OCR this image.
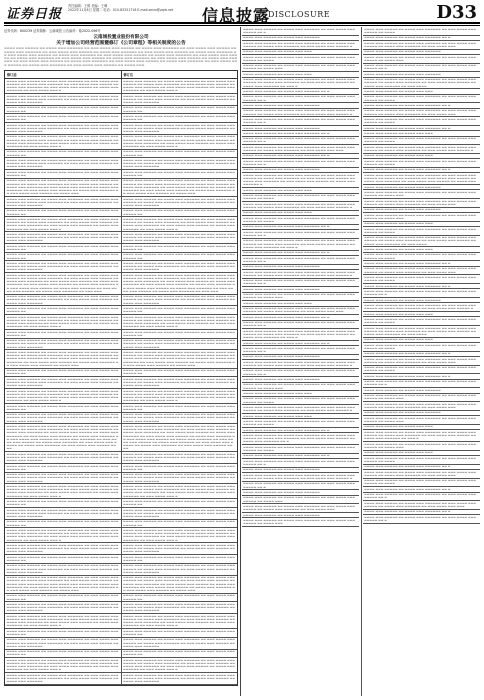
证券日报
责任编辑：王鹤 美编：王琳
2022年11月8日 星期二 电话：010-83251716 E-mail:zmzx@zqrb.net 信息披露
DISCLOSURE	D33
证券代码：600239 证券简称：云南城投 公告编号：临2022-096号
云南城投置业股份有限公司
关于增加公司经营范围暨修订《公司章程》等相关制度的公告
▬▬▬▬ ▬▬▬ ▬▬▬▬▬ ▬▬ ▬▬▬▬ ▬▬▬ ▬▬▬▬▬▬ ▬▬ ▬▬▬ ▬▬▬▬ ▬▬▬ ▬▬▬▬▬ ▬▬ ▬▬▬▬ ▬▬▬ ▬▬▬▬▬▬ ▬▬ ▬▬▬ ▬▬▬▬ ▬▬▬ ▬▬▬▬▬ ▬▬ ▬▬▬▬ ▬▬▬ ▬▬▬▬▬▬ ▬▬ ▬▬▬ ▬▬▬▬ ▬▬▬ ▬▬▬▬▬ ▬▬ ▬▬▬▬ ▬▬▬ ▬▬▬▬▬▬ ▬▬ ▬▬▬ ▬▬▬▬ ▬▬▬ ▬▬▬▬▬ ▬▬ ▬▬▬▬ ▬▬▬ ▬▬▬▬▬▬ ▬▬ ▬▬▬ ▬▬▬▬ ▬▬▬ ▬▬▬▬▬ ▬▬ ▬▬▬▬ ▬▬▬ ▬▬▬▬▬▬ ▬▬ ▬▬▬ ▬▬▬▬ ▬▬▬ ▬▬▬▬▬ ▬▬ ▬▬▬▬ ▬▬▬ ▬▬▬▬▬▬ ▬▬ ▬▬▬ ▬▬▬▬ ▬▬▬ ▬▬▬▬▬ ▬▬ ▬▬▬▬ ▬▬▬ ▬▬▬▬▬▬ ▬▬ ▬▬▬ ▬▬▬▬ ▬▬▬ ▬▬▬▬▬ ▬▬ ▬▬▬▬ ▬▬▬ ▬▬▬▬▬▬ ▬▬ ▬▬▬ ▬▬▬▬ ▬▬▬ ▬▬▬▬▬ ▬▬ ▬▬▬▬ ▬▬▬ ▬▬▬▬▬▬ ▬▬ ▬▬▬ ▬▬▬▬ ▬▬▬ ▬▬▬▬▬ ▬▬ ▬▬▬▬ ▬▬▬ ▬▬▬▬▬▬ ▬▬ ▬▬▬ ▬▬▬▬ ▬▬▬ ▬▬▬▬▬ ▬▬ ▬▬▬▬ ▬▬▬ ▬▬▬▬▬▬ ▬▬ ▬▬▬ ▬▬▬▬ ▬▬▬ ▬▬▬▬▬ ▬▬ ▬▬▬▬ ▬▬▬ ▬▬▬▬▬▬ ▬▬ ▬▬▬ ▬▬▬▬ ▬▬▬ ▬▬▬▬▬ ▬▬ ▬▬▬▬ ▬▬▬
修订前	修订后
▬▬▬▬ ▬▬▬ ▬▬▬▬▬ ▬▬ ▬▬▬▬ ▬▬▬ ▬▬▬▬▬▬ ▬▬ ▬▬▬ ▬▬▬▬ ▬▬▬ ▬▬▬▬▬ ▬▬ ▬▬▬▬ ▬▬▬ ▬▬▬▬▬▬ ▬▬ ▬▬▬ ▬▬▬▬ ▬▬▬ ▬▬▬▬▬ ▬▬ ▬▬▬▬ ▬▬▬ ▬▬▬▬▬▬ ▬▬ ▬▬▬ ▬▬▬▬ ▬▬▬ ▬▬▬▬▬ ▬▬ ▬▬▬▬ ▬▬▬ ▬▬▬▬▬▬ ▬▬ ▬▬▬ ▬▬▬▬ ▬▬▬ ▬
▬▬▬▬ ▬▬▬ ▬▬▬▬▬ ▬▬ ▬▬▬▬ ▬▬▬ ▬▬▬▬▬▬ ▬▬ ▬▬▬ ▬▬▬▬ ▬▬▬ ▬▬▬▬▬ ▬▬ ▬▬▬▬ ▬▬▬ ▬▬▬▬▬▬ ▬▬ ▬▬▬ ▬▬▬▬ ▬▬▬ ▬▬▬▬▬ ▬▬ ▬▬▬▬ ▬▬▬ ▬▬▬▬▬▬ ▬▬ ▬▬▬ ▬▬▬▬ ▬▬▬ ▬▬▬▬▬ ▬▬ ▬▬▬▬ ▬▬▬ ▬▬▬▬▬▬ ▬▬ ▬▬▬ ▬▬▬▬ ▬▬▬ ▬
▬▬▬▬ ▬▬▬ ▬▬▬▬▬ ▬▬ ▬▬▬▬ ▬▬▬ ▬▬▬▬▬▬ ▬▬ ▬▬▬ ▬▬▬▬ ▬▬▬ ▬▬▬▬▬ ▬▬ ▬▬▬▬ ▬▬▬ ▬▬▬▬▬▬ ▬▬ ▬▬▬ ▬▬▬▬ ▬▬▬ ▬▬▬▬▬ ▬▬ ▬▬▬▬ ▬▬▬ ▬▬▬▬▬▬
▬▬▬▬ ▬▬▬ ▬▬▬▬▬ ▬▬ ▬▬▬▬ ▬▬▬ ▬▬▬▬▬▬ ▬▬ ▬▬▬ ▬▬▬▬ ▬▬▬ ▬▬▬▬▬ ▬▬ ▬▬▬▬ ▬▬▬ ▬▬▬▬▬▬ ▬▬ ▬▬▬ ▬▬▬▬ ▬▬▬ ▬▬▬▬▬ ▬▬ ▬▬▬▬ ▬▬▬ ▬▬▬▬▬▬
▬▬▬▬ ▬▬▬ ▬▬▬▬▬ ▬▬ ▬▬▬▬ ▬▬▬ ▬▬▬▬▬▬ ▬▬ ▬▬▬ ▬▬▬▬ ▬▬▬ ▬▬▬▬▬ ▬▬
▬▬▬▬ ▬▬▬ ▬▬▬▬▬ ▬▬ ▬▬▬▬ ▬▬▬ ▬▬▬▬▬▬ ▬▬ ▬▬▬ ▬▬▬▬ ▬▬▬ ▬▬▬▬▬ ▬▬
▬▬▬▬ ▬▬▬ ▬▬▬▬▬ ▬▬ ▬▬▬▬ ▬▬▬ ▬▬▬▬▬▬ ▬▬ ▬▬▬ ▬▬▬▬ ▬▬▬ ▬▬▬▬▬ ▬▬
▬▬▬▬ ▬▬▬ ▬▬▬▬▬ ▬▬ ▬▬▬▬ ▬▬▬ ▬▬▬▬▬▬ ▬▬ ▬▬▬ ▬▬▬▬ ▬▬▬ ▬▬▬▬▬ ▬▬
▬▬▬▬ ▬▬▬ ▬▬▬▬▬ ▬▬ ▬▬▬▬ ▬▬▬ ▬▬▬▬▬▬ ▬▬ ▬▬▬ ▬▬▬▬ ▬▬▬ ▬▬▬▬▬ ▬▬ ▬▬▬▬ ▬▬▬ ▬▬▬▬▬▬ ▬▬ ▬▬▬ ▬▬▬▬ ▬▬▬ ▬▬▬▬▬ ▬▬ ▬▬▬▬ ▬▬▬ ▬▬▬▬▬▬
▬▬▬▬ ▬▬▬ ▬▬▬▬▬ ▬▬ ▬▬▬▬ ▬▬▬ ▬▬▬▬▬▬ ▬▬ ▬▬▬ ▬▬▬▬ ▬▬▬ ▬▬▬▬▬ ▬▬ ▬▬▬▬ ▬▬▬ ▬▬▬▬▬▬ ▬▬ ▬▬▬ ▬▬▬▬ ▬▬▬ ▬▬▬▬▬ ▬▬ ▬▬▬▬ ▬▬▬ ▬▬▬▬▬▬
▬▬▬▬ ▬▬▬ ▬▬▬▬▬ ▬▬ ▬▬▬▬ ▬▬▬ ▬▬▬▬▬▬ ▬▬ ▬▬▬ ▬▬▬▬ ▬▬▬ ▬▬▬▬▬ ▬▬ ▬▬▬▬ ▬▬▬ ▬▬▬▬▬▬ ▬▬ ▬▬▬ ▬▬▬▬ ▬▬▬ ▬▬▬▬▬ ▬▬ ▬▬▬▬ ▬▬▬ ▬▬▬▬▬▬ ▬▬ ▬▬▬ ▬▬▬▬ ▬▬▬ ▬▬▬▬▬ ▬▬ ▬▬▬▬ ▬▬▬ ▬▬▬▬▬▬ ▬▬ ▬▬▬ ▬▬▬▬ ▬▬▬ ▬
▬▬▬▬ ▬▬▬ ▬▬▬▬▬ ▬▬ ▬▬▬▬ ▬▬▬ ▬▬▬▬▬▬ ▬▬ ▬▬▬ ▬▬▬▬ ▬▬▬ ▬▬▬▬▬ ▬▬ ▬▬▬▬ ▬▬▬ ▬▬▬▬▬▬ ▬▬ ▬▬▬ ▬▬▬▬ ▬▬▬ ▬▬▬▬▬ ▬▬ ▬▬▬▬ ▬▬▬ ▬▬▬▬▬▬ ▬▬ ▬▬▬ ▬▬▬▬ ▬▬▬ ▬▬▬▬▬ ▬▬ ▬▬▬▬ ▬▬▬ ▬▬▬▬▬▬ ▬▬ ▬▬▬ ▬▬▬▬ ▬▬▬ ▬
▬▬▬▬ ▬▬▬ ▬▬▬▬▬ ▬▬ ▬▬▬▬ ▬▬▬ ▬▬▬▬▬▬ ▬▬ ▬▬▬ ▬▬▬▬ ▬▬▬ ▬▬▬▬▬ ▬▬
▬▬▬▬ ▬▬▬ ▬▬▬▬▬ ▬▬ ▬▬▬▬ ▬▬▬ ▬▬▬▬▬▬ ▬▬ ▬▬▬ ▬▬▬▬ ▬▬▬ ▬▬▬▬▬ ▬▬
▬▬▬▬ ▬▬▬ ▬▬▬▬▬ ▬▬ ▬▬▬▬ ▬▬▬ ▬▬▬▬▬▬ ▬▬ ▬▬▬ ▬▬▬▬ ▬▬▬ ▬▬▬▬▬ ▬▬ ▬▬▬▬ ▬▬▬ ▬▬▬▬▬▬ ▬▬ ▬▬▬ ▬▬▬▬ ▬▬▬ ▬▬▬▬▬ ▬▬ ▬▬▬▬ ▬▬▬ ▬▬▬▬▬▬
▬▬▬▬ ▬▬▬ ▬▬▬▬▬ ▬▬ ▬▬▬▬ ▬▬▬ ▬▬▬▬▬▬ ▬▬ ▬▬▬ ▬▬▬▬ ▬▬▬ ▬▬▬▬▬ ▬▬ ▬▬▬▬ ▬▬▬ ▬▬▬▬▬▬ ▬▬ ▬▬▬ ▬▬▬▬ ▬▬▬ ▬▬▬▬▬ ▬▬ ▬▬▬▬ ▬▬▬ ▬▬▬▬▬▬
▬▬▬▬ ▬▬▬ ▬▬▬▬▬ ▬▬ ▬▬▬▬ ▬▬▬ ▬▬▬▬▬▬ ▬▬ ▬▬▬ ▬▬▬▬ ▬▬▬ ▬▬▬▬▬ ▬▬
▬▬▬▬ ▬▬▬ ▬▬▬▬▬ ▬▬ ▬▬▬▬ ▬▬▬ ▬▬▬▬▬▬ ▬▬ ▬▬▬ ▬▬▬▬ ▬▬▬ ▬▬▬▬▬ ▬▬
▬▬▬▬ ▬▬▬ ▬▬▬▬▬ ▬▬ ▬▬▬▬ ▬▬▬ ▬▬▬▬▬▬ ▬▬ ▬▬▬ ▬▬▬▬ ▬▬▬ ▬▬▬▬▬ ▬▬ ▬▬▬▬ ▬▬▬ ▬▬▬▬▬▬ ▬▬ ▬▬▬ ▬▬▬▬ ▬▬▬ ▬▬▬▬▬ ▬▬ ▬▬▬▬ ▬▬▬ ▬▬▬▬▬▬ ▬▬ ▬▬▬ ▬▬▬▬ ▬▬▬ ▬▬▬▬▬ ▬▬ ▬▬▬▬ ▬▬▬ ▬▬▬▬▬▬ ▬▬ ▬▬▬ ▬▬▬▬ ▬▬▬ ▬▬▬▬▬ ▬▬ ▬▬▬▬ ▬▬▬ ▬▬▬▬▬▬ ▬▬ ▬▬▬ ▬▬▬▬ ▬▬▬ ▬▬▬▬▬ ▬▬ ▬▬▬▬ ▬▬▬
▬▬▬▬ ▬▬▬ ▬▬▬▬▬ ▬▬ ▬▬▬▬ ▬▬▬ ▬▬▬▬▬▬ ▬▬ ▬▬▬ ▬▬▬▬ ▬▬▬ ▬▬▬▬▬ ▬▬ ▬▬▬▬ ▬▬▬ ▬▬▬▬▬▬ ▬▬ ▬▬▬ ▬▬▬▬ ▬▬▬ ▬▬▬▬▬ ▬▬ ▬▬▬▬ ▬▬▬ ▬▬▬▬▬▬ ▬▬ ▬▬▬ ▬▬▬▬ ▬▬▬ ▬▬▬▬▬ ▬▬ ▬▬▬▬ ▬▬▬ ▬▬▬▬▬▬ ▬▬ ▬▬▬ ▬▬▬▬ ▬▬▬ ▬▬▬▬▬ ▬▬ ▬▬▬▬ ▬▬▬ ▬▬▬▬▬▬ ▬▬ ▬▬▬ ▬▬▬▬ ▬▬▬ ▬▬▬▬▬ ▬▬ ▬▬▬▬ ▬▬▬
▬▬▬▬ ▬▬▬ ▬▬▬▬▬ ▬▬ ▬▬▬▬ ▬▬▬ ▬▬▬▬▬▬ ▬▬ ▬▬▬ ▬▬▬▬ ▬▬▬ ▬▬▬▬▬ ▬▬ ▬▬▬▬ ▬▬▬ ▬▬▬▬▬▬ ▬▬ ▬▬▬ ▬▬▬▬ ▬▬▬ ▬▬▬▬▬ ▬▬ ▬▬▬▬ ▬▬▬ ▬▬▬▬▬▬
▬▬▬▬ ▬▬▬ ▬▬▬▬▬ ▬▬ ▬▬▬▬ ▬▬▬ ▬▬▬▬▬▬ ▬▬ ▬▬▬ ▬▬▬▬ ▬▬▬ ▬▬▬▬▬ ▬▬ ▬▬▬▬ ▬▬▬ ▬▬▬▬▬▬ ▬▬ ▬▬▬ ▬▬▬▬ ▬▬▬ ▬▬▬▬▬ ▬▬ ▬▬▬▬ ▬▬▬ ▬▬▬▬▬▬
▬▬▬▬ ▬▬▬ ▬▬▬▬▬ ▬▬ ▬▬▬▬ ▬▬▬ ▬▬▬▬▬▬ ▬▬ ▬▬▬ ▬▬▬▬ ▬▬▬ ▬▬▬▬▬ ▬▬
▬▬▬▬ ▬▬▬ ▬▬▬▬▬ ▬▬ ▬▬▬▬ ▬▬▬ ▬▬▬▬▬▬ ▬▬ ▬▬▬ ▬▬▬▬ ▬▬▬ ▬▬▬▬▬ ▬▬
▬▬▬▬ ▬▬▬ ▬▬▬▬▬ ▬▬ ▬▬▬▬ ▬▬▬ ▬▬▬▬▬▬ ▬▬ ▬▬▬ ▬▬▬▬ ▬▬▬ ▬▬▬▬▬ ▬▬ ▬▬▬▬ ▬▬▬ ▬▬▬▬▬▬ ▬▬ ▬▬▬ ▬▬▬▬ ▬▬▬ ▬▬▬▬▬ ▬▬ ▬▬▬▬ ▬▬▬ ▬▬▬▬▬▬ ▬▬ ▬▬▬ ▬▬▬▬ ▬▬▬ ▬▬▬▬▬ ▬▬ ▬▬▬▬ ▬▬▬ ▬▬▬▬▬▬ ▬▬ ▬▬▬ ▬▬▬▬ ▬▬▬ ▬
▬▬▬▬ ▬▬▬ ▬▬▬▬▬ ▬▬ ▬▬▬▬ ▬▬▬ ▬▬▬▬▬▬ ▬▬ ▬▬▬ ▬▬▬▬ ▬▬▬ ▬▬▬▬▬ ▬▬ ▬▬▬▬ ▬▬▬ ▬▬▬▬▬▬ ▬▬ ▬▬▬ ▬▬▬▬ ▬▬▬ ▬▬▬▬▬ ▬▬ ▬▬▬▬ ▬▬▬ ▬▬▬▬▬▬ ▬▬ ▬▬▬ ▬▬▬▬ ▬▬▬ ▬▬▬▬▬ ▬▬ ▬▬▬▬ ▬▬▬ ▬▬▬▬▬▬ ▬▬ ▬▬▬ ▬▬▬▬ ▬▬▬ ▬
▬▬▬▬ ▬▬▬ ▬▬▬▬▬ ▬▬ ▬▬▬▬ ▬▬▬ ▬▬▬▬▬▬ ▬▬ ▬▬▬ ▬▬▬▬ ▬▬▬ ▬▬▬▬▬ ▬▬ ▬▬▬▬ ▬▬▬ ▬▬▬▬▬▬ ▬▬ ▬▬▬ ▬▬▬▬ ▬▬▬ ▬▬▬▬▬ ▬▬ ▬▬▬▬ ▬▬▬ ▬▬▬▬▬▬
▬▬▬▬ ▬▬▬ ▬▬▬▬▬ ▬▬ ▬▬▬▬ ▬▬▬ ▬▬▬▬▬▬ ▬▬ ▬▬▬ ▬▬▬▬ ▬▬▬ ▬▬▬▬▬ ▬▬ ▬▬▬▬ ▬▬▬ ▬▬▬▬▬▬ ▬▬ ▬▬▬ ▬▬▬▬ ▬▬▬ ▬▬▬▬▬ ▬▬ ▬▬▬▬ ▬▬▬ ▬▬▬▬▬▬
▬▬▬▬ ▬▬▬ ▬▬▬▬▬ ▬▬ ▬▬▬▬ ▬▬▬ ▬▬▬▬▬▬ ▬▬ ▬▬▬ ▬▬▬▬ ▬▬▬ ▬▬▬▬▬ ▬▬
▬▬▬▬ ▬▬▬ ▬▬▬▬▬ ▬▬ ▬▬▬▬ ▬▬▬ ▬▬▬▬▬▬ ▬▬ ▬▬▬ ▬▬▬▬ ▬▬▬ ▬▬▬▬▬ ▬▬
▬▬▬▬ ▬▬▬ ▬▬▬▬▬ ▬▬ ▬▬▬▬ ▬▬▬ ▬▬▬▬▬▬ ▬▬ ▬▬▬ ▬▬▬▬ ▬▬▬ ▬▬▬▬▬ ▬▬
▬▬▬▬ ▬▬▬ ▬▬▬▬▬ ▬▬ ▬▬▬▬ ▬▬▬ ▬▬▬▬▬▬ ▬▬ ▬▬▬ ▬▬▬▬ ▬▬▬ ▬▬▬▬▬ ▬▬
▬▬▬▬ ▬▬▬ ▬▬▬▬▬ ▬▬ ▬▬▬▬ ▬▬▬ ▬▬▬▬▬▬ ▬▬ ▬▬▬ ▬▬▬▬ ▬▬▬ ▬▬▬▬▬ ▬▬ ▬▬▬▬ ▬▬▬ ▬▬▬▬▬▬ ▬▬ ▬▬▬ ▬▬▬▬ ▬▬▬ ▬▬▬▬▬ ▬▬ ▬▬▬▬ ▬▬▬ ▬▬▬▬▬▬
▬▬▬▬ ▬▬▬ ▬▬▬▬▬ ▬▬ ▬▬▬▬ ▬▬▬ ▬▬▬▬▬▬ ▬▬ ▬▬▬ ▬▬▬▬ ▬▬▬ ▬▬▬▬▬ ▬▬ ▬▬▬▬ ▬▬▬ ▬▬▬▬▬▬ ▬▬ ▬▬▬ ▬▬▬▬ ▬▬▬ ▬▬▬▬▬ ▬▬ ▬▬▬▬ ▬▬▬ ▬▬▬▬▬▬
▬▬▬▬ ▬▬▬ ▬▬▬▬▬ ▬▬ ▬▬▬▬ ▬▬▬ ▬▬▬▬▬▬ ▬▬ ▬▬▬ ▬▬▬▬ ▬▬▬ ▬▬▬▬▬ ▬▬ ▬▬▬▬ ▬▬▬ ▬▬▬▬▬▬ ▬▬ ▬▬▬ ▬▬▬▬ ▬▬▬ ▬▬▬▬▬ ▬▬ ▬▬▬▬ ▬▬▬ ▬▬▬▬▬▬ ▬▬ ▬▬▬ ▬▬▬▬ ▬▬▬ ▬▬▬▬▬ ▬▬ ▬▬▬▬ ▬▬▬ ▬▬▬▬▬▬ ▬▬ ▬▬▬ ▬▬▬▬ ▬▬▬ ▬▬▬▬▬ ▬▬ ▬▬▬▬ ▬▬▬ ▬▬▬▬▬▬ ▬▬ ▬▬▬ ▬▬▬▬ ▬▬▬ ▬▬▬▬▬ ▬▬ ▬▬▬▬ ▬▬▬ ▬▬▬▬▬▬ ▬▬ ▬▬▬ ▬▬▬▬ ▬▬▬ ▬▬▬▬▬ ▬▬ ▬▬▬▬ ▬▬▬ ▬▬▬▬▬▬ ▬▬ ▬▬▬ ▬▬▬
▬▬▬▬ ▬▬▬ ▬▬▬▬▬ ▬▬ ▬▬▬▬ ▬▬▬ ▬▬▬▬▬▬ ▬▬ ▬▬▬ ▬▬▬▬ ▬▬▬ ▬▬▬▬▬ ▬▬ ▬▬▬▬ ▬▬▬ ▬▬▬▬▬▬ ▬▬ ▬▬▬ ▬▬▬▬ ▬▬▬ ▬▬▬▬▬ ▬▬ ▬▬▬▬ ▬▬▬ ▬▬▬▬▬▬ ▬▬ ▬▬▬ ▬▬▬▬ ▬▬▬ ▬▬▬▬▬ ▬▬ ▬▬▬▬ ▬▬▬ ▬▬▬▬▬▬ ▬▬ ▬▬▬ ▬▬▬▬ ▬▬▬ ▬▬▬▬▬ ▬▬ ▬▬▬▬ ▬▬▬ ▬▬▬▬▬▬ ▬▬ ▬▬▬ ▬▬▬▬ ▬▬▬ ▬▬▬▬▬ ▬▬ ▬▬▬▬ ▬▬▬ ▬▬▬▬▬▬ ▬▬ ▬▬▬ ▬▬▬▬ ▬▬▬ ▬▬▬▬▬ ▬▬ ▬▬▬▬ ▬▬▬ ▬▬▬▬▬▬ ▬▬ ▬▬▬ ▬▬▬
▬▬▬▬ ▬▬▬ ▬▬▬▬▬ ▬▬ ▬▬▬▬ ▬▬▬ ▬▬▬▬▬▬ ▬▬ ▬▬▬ ▬▬▬▬ ▬▬▬ ▬▬▬▬▬ ▬▬ ▬▬▬▬ ▬▬▬ ▬▬▬▬▬▬ ▬▬ ▬▬▬ ▬▬▬▬ ▬▬▬ ▬▬▬▬▬ ▬▬ ▬▬▬▬ ▬▬▬ ▬▬▬▬▬▬
▬▬▬▬ ▬▬▬ ▬▬▬▬▬ ▬▬ ▬▬▬▬ ▬▬▬ ▬▬▬▬▬▬ ▬▬ ▬▬▬ ▬▬▬▬ ▬▬▬ ▬▬▬▬▬ ▬▬ ▬▬▬▬ ▬▬▬ ▬▬▬▬▬▬ ▬▬ ▬▬▬ ▬▬▬▬ ▬▬▬ ▬▬▬▬▬ ▬▬ ▬▬▬▬ ▬▬▬ ▬▬▬▬▬▬
▬▬▬▬ ▬▬▬ ▬▬▬▬▬ ▬▬ ▬▬▬▬ ▬▬▬ ▬▬▬▬▬▬ ▬▬ ▬▬▬ ▬▬▬▬ ▬▬▬ ▬▬▬▬▬ ▬▬
▬▬▬▬ ▬▬▬ ▬▬▬▬▬ ▬▬ ▬▬▬▬ ▬▬▬ ▬▬▬▬▬▬ ▬▬ ▬▬▬ ▬▬▬▬ ▬▬▬ ▬▬▬▬▬ ▬▬
▬▬▬▬ ▬▬▬ ▬▬▬▬▬ ▬▬ ▬▬▬▬ ▬▬▬ ▬▬▬▬▬▬ ▬▬ ▬▬▬ ▬▬▬▬ ▬▬▬ ▬▬▬▬▬ ▬▬ ▬▬▬▬ ▬▬▬ ▬▬▬▬▬▬ ▬▬ ▬▬▬ ▬▬▬▬ ▬▬▬ ▬▬▬▬▬ ▬▬ ▬▬▬▬ ▬▬▬ ▬▬▬▬▬▬ ▬▬ ▬▬▬ ▬▬▬▬ ▬▬▬ ▬▬▬▬▬ ▬▬ ▬▬▬▬ ▬▬▬ ▬▬▬▬▬▬ ▬▬ ▬▬▬ ▬▬▬▬ ▬▬▬ ▬
▬▬▬▬ ▬▬▬ ▬▬▬▬▬ ▬▬ ▬▬▬▬ ▬▬▬ ▬▬▬▬▬▬ ▬▬ ▬▬▬ ▬▬▬▬ ▬▬▬ ▬▬▬▬▬ ▬▬ ▬▬▬▬ ▬▬▬ ▬▬▬▬▬▬ ▬▬ ▬▬▬ ▬▬▬▬ ▬▬▬ ▬▬▬▬▬ ▬▬ ▬▬▬▬ ▬▬▬ ▬▬▬▬▬▬ ▬▬ ▬▬▬ ▬▬▬▬ ▬▬▬ ▬▬▬▬▬ ▬▬ ▬▬▬▬ ▬▬▬ ▬▬▬▬▬▬ ▬▬ ▬▬▬ ▬▬▬▬ ▬▬▬ ▬
▬▬▬▬ ▬▬▬ ▬▬▬▬▬ ▬▬ ▬▬▬▬ ▬▬▬ ▬▬▬▬▬▬ ▬▬ ▬▬▬ ▬▬▬▬ ▬▬▬ ▬▬▬▬▬ ▬▬
▬▬▬▬ ▬▬▬ ▬▬▬▬▬ ▬▬ ▬▬▬▬ ▬▬▬ ▬▬▬▬▬▬ ▬▬ ▬▬▬ ▬▬▬▬ ▬▬▬ ▬▬▬▬▬ ▬▬
▬▬▬▬ ▬▬▬ ▬▬▬▬▬ ▬▬ ▬▬▬▬ ▬▬▬ ▬▬▬▬▬▬ ▬▬ ▬▬▬ ▬▬▬▬ ▬▬▬ ▬▬▬▬▬ ▬▬ ▬▬▬▬ ▬▬▬ ▬▬▬▬▬▬ ▬▬ ▬▬▬ ▬▬▬▬ ▬▬▬ ▬▬▬▬▬ ▬▬ ▬▬▬▬ ▬▬▬ ▬▬▬▬▬▬
▬▬▬▬ ▬▬▬ ▬▬▬▬▬ ▬▬ ▬▬▬▬ ▬▬▬ ▬▬▬▬▬▬ ▬▬ ▬▬▬ ▬▬▬▬ ▬▬▬ ▬▬▬▬▬ ▬▬ ▬▬▬▬ ▬▬▬ ▬▬▬▬▬▬ ▬▬ ▬▬▬ ▬▬▬▬ ▬▬▬ ▬▬▬▬▬ ▬▬ ▬▬▬▬ ▬▬▬ ▬▬▬▬▬▬
▬▬▬▬ ▬▬▬ ▬▬▬▬▬ ▬▬ ▬▬▬▬ ▬▬▬ ▬▬▬▬▬▬ ▬▬ ▬▬▬ ▬▬▬▬ ▬▬▬ ▬▬▬▬▬ ▬▬ ▬▬▬▬ ▬▬▬ ▬▬▬▬▬▬ ▬▬ ▬▬▬ ▬▬▬▬ ▬▬▬ ▬▬▬▬▬ ▬▬ ▬▬▬▬ ▬▬▬ ▬▬▬▬▬▬ ▬▬ ▬▬▬ ▬▬▬▬ ▬▬▬ ▬▬▬▬▬ ▬▬ ▬▬▬▬ ▬▬▬ ▬▬▬▬▬▬ ▬▬ ▬▬▬ ▬▬▬▬ ▬▬▬ ▬▬▬▬▬ ▬▬ ▬▬▬▬ ▬▬▬ ▬▬▬▬▬▬ ▬▬ ▬▬▬ ▬▬▬▬ ▬▬▬ ▬▬▬▬▬ ▬▬ ▬▬▬▬ ▬▬▬
▬▬▬▬ ▬▬▬ ▬▬▬▬▬ ▬▬ ▬▬▬▬ ▬▬▬ ▬▬▬▬▬▬ ▬▬ ▬▬▬ ▬▬▬▬ ▬▬▬ ▬▬▬▬▬ ▬▬ ▬▬▬▬ ▬▬▬ ▬▬▬▬▬▬ ▬▬ ▬▬▬ ▬▬▬▬ ▬▬▬ ▬▬▬▬▬ ▬▬ ▬▬▬▬ ▬▬▬ ▬▬▬▬▬▬ ▬▬ ▬▬▬ ▬▬▬▬ ▬▬▬ ▬▬▬▬▬ ▬▬ ▬▬▬▬ ▬▬▬ ▬▬▬▬▬▬ ▬▬ ▬▬▬ ▬▬▬▬ ▬▬▬ ▬▬▬▬▬ ▬▬ ▬▬▬▬ ▬▬▬ ▬▬▬▬▬▬ ▬▬ ▬▬▬ ▬▬▬▬ ▬▬▬ ▬▬▬▬▬ ▬▬ ▬▬▬▬ ▬▬▬
▬▬▬▬ ▬▬▬ ▬▬▬▬▬ ▬▬ ▬▬▬▬ ▬▬▬ ▬▬▬▬▬▬ ▬▬ ▬▬▬ ▬▬▬▬ ▬▬▬ ▬▬▬▬▬ ▬▬
▬▬▬▬ ▬▬▬ ▬▬▬▬▬ ▬▬ ▬▬▬▬ ▬▬▬ ▬▬▬▬▬▬ ▬▬ ▬▬▬ ▬▬▬▬ ▬▬▬ ▬▬▬▬▬ ▬▬
▬▬▬▬ ▬▬▬ ▬▬▬▬▬ ▬▬ ▬▬▬▬ ▬▬▬ ▬▬▬▬▬▬ ▬▬ ▬▬▬ ▬▬▬▬ ▬▬▬ ▬▬▬▬▬ ▬▬ ▬▬▬▬ ▬▬▬ ▬▬▬▬▬▬ ▬▬ ▬▬▬ ▬▬▬▬ ▬▬▬ ▬▬▬▬▬ ▬▬ ▬▬▬▬ ▬▬▬ ▬▬▬▬▬▬
▬▬▬▬ ▬▬▬ ▬▬▬▬▬ ▬▬ ▬▬▬▬ ▬▬▬ ▬▬▬▬▬▬ ▬▬ ▬▬▬ ▬▬▬▬ ▬▬▬ ▬▬▬▬▬ ▬▬ ▬▬▬▬ ▬▬▬ ▬▬▬▬▬▬ ▬▬ ▬▬▬ ▬▬▬▬ ▬▬▬ ▬▬▬▬▬ ▬▬ ▬▬▬▬ ▬▬▬ ▬▬▬▬▬▬
▬▬▬▬ ▬▬▬ ▬▬▬▬▬ ▬▬ ▬▬▬▬ ▬▬▬ ▬▬▬▬▬▬ ▬▬ ▬▬▬ ▬▬▬▬ ▬▬▬ ▬▬▬▬▬ ▬▬ ▬▬▬▬ ▬▬▬ ▬▬▬▬▬▬ ▬▬ ▬▬▬ ▬▬▬▬ ▬▬▬ ▬▬▬▬▬ ▬▬ ▬▬▬▬ ▬▬▬ ▬▬▬▬▬▬ ▬▬ ▬▬▬ ▬▬▬▬ ▬▬▬ ▬▬▬▬▬ ▬▬ ▬▬▬▬ ▬▬▬ ▬▬▬▬▬▬ ▬▬ ▬▬▬ ▬▬▬▬ ▬▬▬ ▬
▬▬▬▬ ▬▬▬ ▬▬▬▬▬ ▬▬ ▬▬▬▬ ▬▬▬ ▬▬▬▬▬▬ ▬▬ ▬▬▬ ▬▬▬▬ ▬▬▬ ▬▬▬▬▬ ▬▬ ▬▬▬▬ ▬▬▬ ▬▬▬▬▬▬ ▬▬ ▬▬▬ ▬▬▬▬ ▬▬▬ ▬▬▬▬▬ ▬▬ ▬▬▬▬ ▬▬▬ ▬▬▬▬▬▬ ▬▬ ▬▬▬ ▬▬▬▬ ▬▬▬ ▬▬▬▬▬ ▬▬ ▬▬▬▬ ▬▬▬ ▬▬▬▬▬▬ ▬▬ ▬▬▬ ▬▬▬▬ ▬▬▬ ▬
▬▬▬▬ ▬▬▬ ▬▬▬▬▬ ▬▬ ▬▬▬▬ ▬▬▬ ▬▬▬▬▬▬ ▬▬ ▬▬▬ ▬▬▬▬ ▬▬▬ ▬▬▬▬▬ ▬▬
▬▬▬▬ ▬▬▬ ▬▬▬▬▬ ▬▬ ▬▬▬▬ ▬▬▬ ▬▬▬▬▬▬ ▬▬ ▬▬▬ ▬▬▬▬ ▬▬▬ ▬▬▬▬▬ ▬▬
▬▬▬▬ ▬▬▬ ▬▬▬▬▬ ▬▬ ▬▬▬▬ ▬▬▬ ▬▬▬▬▬▬ ▬▬ ▬▬▬ ▬▬▬▬ ▬▬▬ ▬▬▬▬▬ ▬▬ ▬▬▬▬ ▬▬▬ ▬▬▬▬▬▬ ▬▬ ▬▬▬ ▬▬▬▬ ▬▬▬ ▬▬▬▬▬ ▬▬ ▬▬▬▬ ▬▬▬ ▬▬▬▬▬▬
▬▬▬▬ ▬▬▬ ▬▬▬▬▬ ▬▬ ▬▬▬▬ ▬▬▬ ▬▬▬▬▬▬ ▬▬ ▬▬▬ ▬▬▬▬ ▬▬▬ ▬▬▬▬▬ ▬▬ ▬▬▬▬ ▬▬▬ ▬▬▬▬▬▬ ▬▬ ▬▬▬ ▬▬▬▬ ▬▬▬ ▬▬▬▬▬ ▬▬ ▬▬▬▬ ▬▬▬ ▬▬▬▬▬▬
▬▬▬▬ ▬▬▬ ▬▬▬▬▬ ▬▬ ▬▬▬▬ ▬▬▬ ▬▬▬▬▬▬ ▬▬ ▬▬▬ ▬▬▬▬ ▬▬▬ ▬▬▬▬▬ ▬▬ ▬▬▬▬ ▬▬▬ ▬▬▬▬▬▬ ▬▬ ▬▬▬ ▬▬▬▬ ▬▬▬ ▬▬▬▬▬ ▬▬ ▬▬▬▬ ▬▬▬ ▬▬▬▬▬▬ ▬▬ ▬▬▬ ▬▬▬▬ ▬▬▬ ▬▬▬▬▬ ▬▬ ▬▬▬▬ ▬▬▬ ▬▬▬▬▬▬ ▬▬ ▬▬▬ ▬▬▬▬ ▬▬▬ ▬▬▬▬▬ ▬▬ ▬▬▬▬ ▬▬▬ ▬▬▬▬▬▬ ▬▬ ▬▬▬ ▬▬▬▬ ▬▬▬ ▬▬▬▬▬ ▬▬ ▬▬▬▬ ▬▬▬ ▬▬▬▬▬▬ ▬▬ ▬▬▬ ▬▬▬▬ ▬▬▬ ▬▬▬▬▬ ▬▬ ▬▬▬▬ ▬▬▬ ▬▬▬▬▬▬ ▬▬ ▬▬▬ ▬▬▬▬ ▬▬▬ ▬▬▬▬▬ ▬▬ ▬▬▬▬ ▬▬▬ ▬▬▬▬▬▬ ▬▬ ▬▬▬ ▬▬▬▬ ▬▬▬ ▬▬▬▬▬ ▬▬ ▬▬
▬▬▬▬ ▬▬▬ ▬▬▬▬▬ ▬▬ ▬▬▬▬ ▬▬▬ ▬▬▬▬▬▬ ▬▬ ▬▬▬ ▬▬▬▬ ▬▬▬ ▬▬▬▬▬ ▬▬ ▬▬▬▬ ▬▬▬ ▬▬▬▬▬▬ ▬▬ ▬▬▬ ▬▬▬▬ ▬▬▬ ▬▬▬▬▬ ▬▬ ▬▬▬▬ ▬▬▬ ▬▬▬▬▬▬ ▬▬ ▬▬▬ ▬▬▬▬ ▬▬▬ ▬▬▬▬▬ ▬▬ ▬▬▬▬ ▬▬▬ ▬▬▬▬▬▬ ▬▬ ▬▬▬ ▬▬▬▬ ▬▬▬ ▬▬▬▬▬ ▬▬ ▬▬▬▬ ▬▬▬ ▬▬▬▬▬▬ ▬▬ ▬▬▬ ▬▬▬▬ ▬▬▬ ▬▬▬▬▬ ▬▬ ▬▬▬▬ ▬▬▬ ▬▬▬▬▬▬ ▬▬ ▬▬▬ ▬▬▬▬ ▬▬▬ ▬▬▬▬▬ ▬▬ ▬▬▬▬ ▬▬▬ ▬▬▬▬▬▬ ▬▬ ▬▬▬ ▬▬▬▬ ▬▬▬ ▬▬▬▬▬ ▬▬ ▬▬▬▬ ▬▬▬ ▬▬▬▬▬▬ ▬▬ ▬▬▬ ▬▬▬▬ ▬▬▬ ▬▬▬▬▬ ▬▬ ▬▬
▬▬▬▬ ▬▬▬ ▬▬▬▬▬ ▬▬ ▬▬▬▬ ▬▬▬ ▬▬▬▬▬▬ ▬▬ ▬▬▬ ▬▬▬▬ ▬▬▬ ▬▬▬▬▬ ▬▬ ▬▬▬▬ ▬▬▬ ▬▬▬▬▬▬ ▬▬ ▬▬▬ ▬▬▬▬ ▬▬▬ ▬▬▬▬▬ ▬▬ ▬▬▬▬ ▬▬▬ ▬▬▬▬▬▬
▬▬▬▬ ▬▬▬ ▬▬▬▬▬ ▬▬ ▬▬▬▬ ▬▬▬ ▬▬▬▬▬▬ ▬▬ ▬▬▬ ▬▬▬▬ ▬▬▬ ▬▬▬▬▬ ▬▬ ▬▬▬▬ ▬▬▬ ▬▬▬▬▬▬ ▬▬ ▬▬▬ ▬▬▬▬ ▬▬▬ ▬▬▬▬▬ ▬▬ ▬▬▬▬ ▬▬▬ ▬▬▬▬▬▬
▬▬▬▬ ▬▬▬ ▬▬▬▬▬ ▬▬ ▬▬▬▬ ▬▬▬ ▬▬▬▬▬▬ ▬▬ ▬▬▬ ▬▬▬▬ ▬▬▬ ▬▬▬▬▬ ▬▬
▬▬▬▬ ▬▬▬ ▬▬▬▬▬ ▬▬ ▬▬▬▬ ▬▬▬ ▬▬▬▬▬▬ ▬▬ ▬▬▬ ▬▬▬▬ ▬▬▬ ▬▬▬▬▬ ▬▬
▬▬▬▬ ▬▬▬ ▬▬▬▬▬ ▬▬ ▬▬▬▬ ▬▬▬ ▬▬▬▬▬▬ ▬▬ ▬▬▬ ▬▬▬▬ ▬▬▬ ▬▬▬▬▬ ▬▬ ▬▬▬▬ ▬▬▬ ▬▬▬▬▬▬ ▬▬ ▬▬▬ ▬▬▬▬ ▬▬▬ ▬▬▬▬▬ ▬▬ ▬▬▬▬ ▬▬▬ ▬▬▬▬▬▬
▬▬▬▬ ▬▬▬ ▬▬▬▬▬ ▬▬ ▬▬▬▬ ▬▬▬ ▬▬▬▬▬▬ ▬▬ ▬▬▬ ▬▬▬▬ ▬▬▬ ▬▬▬▬▬ ▬▬ ▬▬▬▬ ▬▬▬ ▬▬▬▬▬▬ ▬▬ ▬▬▬ ▬▬▬▬ ▬▬▬ ▬▬▬▬▬ ▬▬ ▬▬▬▬ ▬▬▬ ▬▬▬▬▬▬
▬▬▬▬ ▬▬▬ ▬▬▬▬▬ ▬▬ ▬▬▬▬ ▬▬▬ ▬▬▬▬▬▬ ▬▬ ▬▬▬ ▬▬▬▬ ▬▬▬ ▬▬▬▬▬ ▬▬ ▬▬▬▬ ▬▬▬ ▬▬▬▬▬▬ ▬▬ ▬▬▬ ▬▬▬▬ ▬▬▬ ▬▬▬▬▬ ▬▬ ▬▬▬▬ ▬▬▬ ▬▬▬▬▬▬ ▬▬ ▬▬▬ ▬▬▬▬ ▬▬▬ ▬▬▬▬▬ ▬▬ ▬▬▬▬ ▬▬▬ ▬▬▬▬▬▬ ▬▬ ▬▬▬ ▬▬▬▬ ▬▬▬ ▬
▬▬▬▬ ▬▬▬ ▬▬▬▬▬ ▬▬ ▬▬▬▬ ▬▬▬ ▬▬▬▬▬▬ ▬▬ ▬▬▬ ▬▬▬▬ ▬▬▬ ▬▬▬▬▬ ▬▬ ▬▬▬▬ ▬▬▬ ▬▬▬▬▬▬ ▬▬ ▬▬▬ ▬▬▬▬ ▬▬▬ ▬▬▬▬▬ ▬▬ ▬▬▬▬ ▬▬▬ ▬▬▬▬▬▬ ▬▬ ▬▬▬ ▬▬▬▬ ▬▬▬ ▬▬▬▬▬ ▬▬ ▬▬▬▬ ▬▬▬ ▬▬▬▬▬▬ ▬▬ ▬▬▬ ▬▬▬▬ ▬▬▬ ▬
▬▬▬▬ ▬▬▬ ▬▬▬▬▬ ▬▬ ▬▬▬▬ ▬▬▬ ▬▬▬▬▬▬ ▬▬ ▬▬▬ ▬▬▬▬ ▬▬▬ ▬▬▬▬▬ ▬▬
▬▬▬▬ ▬▬▬ ▬▬▬▬▬ ▬▬ ▬▬▬▬ ▬▬▬ ▬▬▬▬▬▬ ▬▬ ▬▬▬ ▬▬▬▬ ▬▬▬ ▬▬▬▬▬ ▬▬
▬▬▬▬ ▬▬▬ ▬▬▬▬▬ ▬▬ ▬▬▬▬ ▬▬▬ ▬▬▬▬▬▬ ▬▬ ▬▬▬ ▬▬▬▬ ▬▬▬ ▬▬▬▬▬ ▬▬ ▬▬▬▬ ▬▬▬ ▬▬▬▬▬▬ ▬▬ ▬▬▬ ▬▬▬▬ ▬▬▬ ▬▬▬▬▬ ▬▬ ▬▬▬▬ ▬▬▬ ▬▬▬▬▬▬
▬▬▬▬ ▬▬▬ ▬▬▬▬▬ ▬▬ ▬▬▬▬ ▬▬▬ ▬▬▬▬▬▬ ▬▬ ▬▬▬ ▬▬▬▬ ▬▬▬ ▬▬▬▬▬ ▬▬ ▬▬▬▬ ▬▬▬ ▬▬▬▬▬▬ ▬▬ ▬▬▬ ▬▬▬▬ ▬▬▬ ▬▬▬▬▬ ▬▬ ▬▬▬▬ ▬▬▬ ▬▬▬▬▬▬
▬▬▬▬ ▬▬▬ ▬▬▬▬▬ ▬▬ ▬▬▬▬ ▬▬▬ ▬▬▬▬▬▬ ▬▬ ▬▬▬ ▬▬▬▬ ▬▬▬ ▬▬▬▬▬ ▬▬
▬▬▬▬ ▬▬▬ ▬▬▬▬▬ ▬▬ ▬▬▬▬ ▬▬▬ ▬▬▬▬▬▬ ▬▬ ▬▬▬ ▬▬▬▬ ▬▬▬ ▬▬▬▬▬ ▬▬
▬▬▬▬ ▬▬▬ ▬▬▬▬▬ ▬▬ ▬▬▬▬ ▬▬▬ ▬▬▬▬▬▬ ▬▬ ▬▬▬ ▬▬▬▬ ▬▬▬ ▬▬▬▬▬ ▬▬ ▬▬▬▬ ▬▬▬ ▬▬▬▬▬▬ ▬▬ ▬▬▬ ▬▬▬▬ ▬▬▬ ▬▬▬▬▬ ▬▬ ▬▬▬▬ ▬▬▬ ▬▬▬▬▬▬ ▬▬ ▬▬▬ ▬▬▬▬ ▬▬▬ ▬▬▬▬▬ ▬▬ ▬▬▬▬ ▬▬▬ ▬▬▬▬▬▬ ▬▬ ▬▬▬ ▬▬▬▬ ▬▬▬ ▬
▬▬▬▬ ▬▬▬ ▬▬▬▬▬ ▬▬ ▬▬▬▬ ▬▬▬ ▬▬▬▬▬▬ ▬▬ ▬▬▬ ▬▬▬▬ ▬▬▬ ▬▬▬▬▬ ▬▬ ▬▬▬▬ ▬▬▬ ▬▬▬▬▬▬ ▬▬ ▬▬▬ ▬▬▬▬ ▬▬▬ ▬▬▬▬▬ ▬▬ ▬▬▬▬ ▬▬▬ ▬▬▬▬▬▬ ▬▬ ▬▬▬ ▬▬▬▬ ▬▬▬ ▬▬▬▬▬ ▬▬ ▬▬▬▬ ▬▬▬ ▬▬▬▬▬▬ ▬▬ ▬▬▬ ▬▬▬▬ ▬▬▬ ▬
▬▬▬▬ ▬▬▬ ▬▬▬▬▬ ▬▬ ▬▬▬▬ ▬▬▬ ▬▬▬▬▬▬ ▬▬ ▬▬▬ ▬▬▬▬ ▬▬▬ ▬▬▬▬▬ ▬▬ ▬▬▬▬ ▬▬▬ ▬▬▬▬▬▬ ▬▬ ▬▬▬ ▬▬▬▬ ▬▬▬ ▬▬▬▬▬ ▬▬ ▬▬▬▬ ▬▬▬ ▬▬▬▬▬▬
▬▬▬▬ ▬▬▬ ▬▬▬▬▬ ▬▬ ▬▬▬▬ ▬▬▬ ▬▬▬▬▬▬ ▬▬ ▬▬▬ ▬▬▬▬ ▬▬▬ ▬▬▬▬▬ ▬▬ ▬▬▬▬ ▬▬▬ ▬▬▬▬▬▬ ▬▬ ▬▬▬ ▬▬▬▬ ▬▬▬ ▬▬▬▬▬ ▬▬ ▬▬▬▬ ▬▬▬ ▬▬▬▬▬▬
▬▬▬▬ ▬▬▬ ▬▬▬▬▬ ▬▬ ▬▬▬▬ ▬▬▬ ▬▬▬▬▬▬ ▬▬ ▬▬▬ ▬▬▬▬ ▬▬▬ ▬▬▬▬▬ ▬▬
▬▬▬▬ ▬▬▬ ▬▬▬▬▬ ▬▬ ▬▬▬▬ ▬▬▬ ▬▬▬▬▬▬ ▬▬ ▬▬▬ ▬▬▬▬ ▬▬▬ ▬▬▬▬▬ ▬▬
▬▬▬▬ ▬▬▬ ▬▬▬▬▬ ▬▬ ▬▬▬▬ ▬▬▬ ▬▬▬▬▬▬ ▬▬ ▬▬▬ ▬▬▬▬ ▬▬▬ ▬▬▬▬▬ ▬▬ ▬▬▬▬ ▬▬▬ ▬▬▬▬▬▬ ▬▬ ▬▬▬ ▬▬▬▬ ▬▬▬ ▬▬▬▬▬ ▬▬ ▬▬▬▬ ▬▬▬ ▬▬▬▬▬▬
▬▬▬▬ ▬▬▬ ▬▬▬▬▬ ▬▬ ▬▬▬▬ ▬▬▬ ▬▬▬▬▬▬ ▬▬ ▬▬▬ ▬▬▬▬ ▬▬▬ ▬▬▬▬▬ ▬▬ ▬▬▬▬ ▬▬▬ ▬▬▬▬▬▬ ▬▬ ▬▬▬ ▬▬▬▬ ▬▬▬ ▬▬▬▬▬ ▬▬ ▬▬▬▬ ▬▬▬ ▬▬▬▬▬▬
▬▬▬▬ ▬▬▬ ▬▬▬▬▬ ▬▬ ▬▬▬▬ ▬▬▬ ▬▬▬▬▬▬ ▬▬ ▬▬▬ ▬▬▬▬ ▬▬▬ ▬▬▬▬▬ ▬▬ ▬▬▬▬ ▬▬▬ ▬▬▬▬▬▬ ▬▬ ▬▬▬ ▬▬▬▬ ▬▬▬ ▬▬▬▬▬ ▬▬ ▬▬▬▬ ▬▬▬ ▬▬▬▬▬▬ ▬▬ ▬▬▬ ▬▬▬▬ ▬▬▬ ▬▬▬▬▬ ▬▬ ▬▬▬▬ ▬▬▬ ▬▬▬▬▬▬ ▬▬ ▬▬▬ ▬▬▬▬ ▬▬▬ ▬▬▬▬▬ ▬▬ ▬▬▬▬ ▬▬▬ ▬▬▬▬▬▬ ▬▬ ▬▬▬ ▬▬▬▬ ▬▬▬ ▬▬▬▬▬ ▬▬ ▬▬▬▬ ▬▬▬
▬▬▬▬ ▬▬▬ ▬▬▬▬▬ ▬▬ ▬▬▬▬ ▬▬▬ ▬▬▬▬▬▬ ▬▬ ▬▬▬ ▬▬▬▬ ▬▬▬ ▬▬▬▬▬ ▬▬ ▬▬▬▬ ▬▬▬ ▬▬▬▬▬▬ ▬▬ ▬▬▬ ▬▬▬▬ ▬▬▬ ▬▬▬▬▬ ▬▬ ▬▬▬▬ ▬▬▬ ▬▬▬▬▬▬ ▬▬ ▬▬▬ ▬▬▬▬ ▬▬▬ ▬▬▬▬▬ ▬▬ ▬▬▬▬ ▬▬▬ ▬▬▬▬▬▬ ▬▬ ▬▬▬ ▬▬▬▬ ▬▬▬ ▬▬▬▬▬ ▬▬ ▬▬▬▬ ▬▬▬ ▬▬▬▬▬▬ ▬▬ ▬▬▬ ▬▬▬▬ ▬▬▬ ▬▬▬▬▬ ▬▬ ▬▬▬▬ ▬▬▬
▬▬▬▬ ▬▬▬ ▬▬▬▬▬ ▬▬ ▬▬▬▬ ▬▬▬ ▬▬▬▬▬▬ ▬▬ ▬▬▬ ▬▬▬▬ ▬▬▬ ▬▬▬▬▬ ▬▬
▬▬▬▬ ▬▬▬ ▬▬▬▬▬ ▬▬ ▬▬▬▬ ▬▬▬ ▬▬▬▬▬▬ ▬▬ ▬▬▬ ▬▬▬▬ ▬▬▬ ▬▬▬▬▬ ▬▬
▬▬▬▬ ▬▬▬ ▬▬▬▬▬ ▬▬ ▬▬▬▬ ▬▬▬ ▬▬▬▬▬▬ ▬▬ ▬▬▬ ▬▬▬▬ ▬▬▬ ▬▬▬▬▬ ▬▬ ▬▬▬▬ ▬▬▬ ▬▬▬▬▬▬ ▬▬ ▬▬▬ ▬▬▬▬ ▬▬▬ ▬▬▬▬▬ ▬▬ ▬▬▬▬ ▬▬▬ ▬▬▬▬▬▬
▬▬▬▬ ▬▬▬ ▬▬▬▬▬ ▬▬ ▬▬▬▬ ▬▬▬ ▬▬▬▬▬▬ ▬▬ ▬▬▬ ▬▬▬▬ ▬▬▬ ▬▬▬▬▬ ▬▬ ▬▬▬▬ ▬▬▬ ▬▬▬▬▬▬ ▬▬ ▬▬▬ ▬▬▬▬ ▬▬▬ ▬▬▬▬▬ ▬▬ ▬▬▬▬ ▬▬▬ ▬▬▬▬▬▬
▬▬▬▬ ▬▬▬ ▬▬▬▬▬ ▬▬ ▬▬▬▬ ▬▬▬ ▬▬▬▬▬▬ ▬▬ ▬▬▬ ▬▬▬▬ ▬▬▬ ▬▬▬▬▬ ▬▬ ▬▬▬▬ ▬▬▬ ▬▬▬▬▬▬ ▬▬ ▬▬▬ ▬▬▬▬ ▬▬▬ ▬▬▬▬▬ ▬▬ ▬▬▬▬ ▬▬▬ ▬▬▬▬▬▬ ▬▬ ▬▬▬ ▬▬▬▬ ▬▬▬ ▬▬▬▬▬ ▬▬ ▬▬▬▬ ▬▬▬ ▬▬▬▬▬▬ ▬▬ ▬▬▬ ▬▬▬▬ ▬▬▬ ▬
▬▬▬▬ ▬▬▬ ▬▬▬▬▬ ▬▬ ▬▬▬▬ ▬▬▬ ▬▬▬▬▬▬ ▬▬ ▬▬▬ ▬▬▬▬ ▬▬▬ ▬▬▬▬▬ ▬▬ ▬▬▬▬ ▬▬▬ ▬▬▬▬▬▬ ▬▬ ▬▬▬ ▬▬▬▬ ▬▬▬ ▬▬▬▬▬ ▬▬ ▬▬▬▬ ▬▬▬ ▬▬▬▬▬▬ ▬▬ ▬▬▬ ▬▬▬▬ ▬▬▬ ▬▬▬▬▬ ▬▬ ▬▬▬▬ ▬▬▬ ▬▬▬▬▬▬ ▬▬ ▬▬▬ ▬▬▬▬ ▬▬▬ ▬
▬▬▬▬ ▬▬▬ ▬▬▬▬▬ ▬▬ ▬▬▬▬ ▬▬▬ ▬▬▬▬▬▬ ▬▬ ▬▬▬ ▬▬▬▬ ▬▬▬ ▬▬▬▬▬ ▬▬
▬▬▬▬ ▬▬▬ ▬▬▬▬▬ ▬▬ ▬▬▬▬ ▬▬▬ ▬▬▬▬▬▬ ▬▬ ▬▬▬ ▬▬▬▬ ▬▬▬ ▬▬▬▬▬ ▬▬
▬▬▬▬ ▬▬▬ ▬▬▬▬▬ ▬▬ ▬▬▬▬ ▬▬▬ ▬▬▬▬▬▬ ▬▬ ▬▬▬ ▬▬▬▬ ▬▬▬ ▬▬▬▬▬ ▬▬ ▬▬▬▬ ▬▬▬ ▬▬▬▬▬▬ ▬▬ ▬▬▬ ▬▬▬▬ ▬▬▬ ▬▬▬▬▬ ▬▬ ▬▬▬▬ ▬▬▬ ▬▬▬▬▬▬
▬▬▬▬ ▬▬▬ ▬▬▬▬▬ ▬▬ ▬▬▬▬ ▬▬▬ ▬▬▬▬▬▬ ▬▬ ▬▬▬ ▬▬▬▬ ▬▬▬ ▬▬▬▬▬ ▬▬ ▬▬▬▬ ▬▬▬ ▬▬▬▬▬▬ ▬▬ ▬▬▬ ▬▬▬▬ ▬▬▬ ▬▬▬▬▬ ▬▬ ▬▬▬▬ ▬▬▬ ▬▬▬▬▬▬
▬▬▬▬ ▬▬▬ ▬▬▬▬▬ ▬▬ ▬▬▬▬ ▬▬▬ ▬▬▬▬▬▬ ▬▬ ▬▬▬ ▬▬▬▬ ▬▬▬ ▬▬▬▬▬ ▬▬
▬▬▬▬ ▬▬▬ ▬▬▬▬▬ ▬▬ ▬▬▬▬ ▬▬▬ ▬▬▬▬▬▬ ▬▬ ▬▬▬ ▬▬▬▬ ▬▬▬ ▬▬▬▬▬ ▬▬
▬▬▬▬ ▬▬▬ ▬▬▬▬▬ ▬▬ ▬▬▬▬ ▬▬▬ ▬▬▬▬▬▬ ▬▬ ▬▬▬ ▬▬▬▬ ▬▬▬ ▬▬▬▬▬ ▬▬ ▬▬▬▬ ▬▬▬ ▬▬▬▬▬▬ ▬▬ ▬▬▬ ▬▬▬▬ ▬▬▬ ▬▬▬▬▬ ▬▬ ▬▬▬▬ ▬▬▬ ▬▬▬▬▬▬ ▬▬ ▬▬▬ ▬▬▬▬ ▬▬▬ ▬▬▬▬▬ ▬▬ ▬▬▬▬ ▬▬▬ ▬▬▬▬▬▬ ▬▬ ▬▬▬ ▬▬▬▬ ▬▬▬ ▬
▬▬▬▬ ▬▬▬ ▬▬▬▬▬ ▬▬ ▬▬▬▬ ▬▬▬ ▬▬▬▬▬▬ ▬▬ ▬▬▬ ▬▬▬▬ ▬▬▬ ▬▬▬▬▬ ▬▬ ▬▬▬▬ ▬▬▬ ▬▬▬▬▬▬ ▬▬ ▬▬▬ ▬▬▬▬ ▬▬▬ ▬▬▬▬▬ ▬▬ ▬▬▬▬ ▬▬▬ ▬▬▬▬▬▬ ▬▬ ▬▬▬ ▬▬▬▬ ▬▬▬ ▬▬▬▬▬ ▬▬ ▬▬▬▬ ▬▬▬ ▬▬▬▬▬▬ ▬▬ ▬▬▬ ▬▬▬▬ ▬▬▬ ▬
▬▬▬▬ ▬▬▬ ▬▬▬▬▬ ▬▬ ▬▬▬▬ ▬▬▬ ▬▬▬▬▬▬ ▬▬ ▬▬▬ ▬▬▬▬ ▬▬▬ ▬▬▬▬▬ ▬▬ ▬▬▬▬ ▬▬▬ ▬▬▬▬▬▬ ▬▬ ▬▬▬ ▬▬▬▬ ▬▬▬ ▬▬▬▬▬ ▬▬ ▬▬▬▬ ▬▬▬ ▬▬▬▬▬▬
▬▬▬▬ ▬▬▬ ▬▬▬▬▬ ▬▬ ▬▬▬▬ ▬▬▬ ▬▬▬▬▬▬ ▬▬ ▬▬▬ ▬▬▬▬ ▬▬▬ ▬▬▬▬▬ ▬▬ ▬▬▬▬ ▬▬▬ ▬▬▬▬▬▬ ▬▬ ▬▬▬ ▬▬▬▬ ▬▬▬ ▬▬▬▬▬ ▬▬ ▬▬▬▬ ▬▬▬ ▬▬▬▬▬▬
▬▬▬▬ ▬▬▬ ▬▬▬▬▬ ▬▬ ▬▬▬▬ ▬▬▬ ▬▬▬▬▬▬ ▬▬ ▬▬▬ ▬▬▬▬ ▬▬▬ ▬▬▬▬▬ ▬▬ ▬
▬▬▬▬ ▬▬▬ ▬▬▬▬▬ ▬▬ ▬▬▬▬ ▬▬▬ ▬▬▬▬▬▬
▬▬▬▬ ▬▬▬ ▬▬▬▬▬ ▬▬ ▬▬▬▬ ▬▬▬ ▬▬▬▬▬▬ ▬▬ ▬▬▬ ▬▬▬▬ ▬▬▬ ▬▬▬▬▬ ▬▬ ▬▬▬▬ ▬▬▬ ▬▬▬▬▬▬ ▬▬ ▬▬▬ ▬▬▬▬ ▬▬▬ ▬▬▬▬▬ ▬
▬▬▬▬ ▬▬▬ ▬▬▬▬▬ ▬▬ ▬▬▬▬ ▬▬▬ ▬▬▬
▬▬▬▬ ▬▬▬ ▬▬▬▬▬ ▬▬ ▬▬▬▬ ▬▬▬ ▬▬▬▬▬▬ ▬▬ ▬▬▬ ▬▬▬▬ ▬▬▬ ▬▬▬▬▬ ▬▬ ▬▬▬▬
▬▬▬▬ ▬▬▬ ▬▬▬▬▬ ▬▬ ▬▬▬▬ ▬▬▬ ▬▬▬▬▬▬ ▬▬ ▬▬▬ ▬▬▬▬ ▬▬▬ ▬▬▬▬▬ ▬▬ ▬▬▬▬ ▬▬▬
▬▬▬▬ ▬▬▬ ▬▬▬▬▬ ▬▬ ▬▬▬▬ ▬▬▬ ▬▬▬
▬▬▬▬ ▬▬▬ ▬▬▬▬▬ ▬▬ ▬▬▬▬ ▬▬▬ ▬▬▬▬▬▬ ▬▬ ▬▬▬ ▬▬▬▬ ▬▬▬ ▬▬▬▬▬ ▬▬ ▬▬▬▬ ▬▬▬ ▬▬▬▬▬▬ ▬▬ ▬▬▬ ▬▬▬▬ ▬▬▬ ▬▬▬▬▬ ▬▬ ▬▬▬▬ ▬▬▬ ▬▬▬▬▬▬ ▬▬ ▬▬▬ ▬
▬▬▬▬ ▬▬▬ ▬▬▬▬▬ ▬▬ ▬▬▬▬ ▬▬▬ ▬▬▬▬▬▬ ▬▬ ▬
▬▬▬▬ ▬▬▬ ▬▬▬▬▬ ▬▬ ▬▬▬▬ ▬▬▬ ▬▬▬▬▬▬ ▬▬ ▬▬▬ ▬▬▬▬ ▬▬▬ ▬▬▬▬▬ ▬▬ ▬
▬▬▬▬ ▬▬▬ ▬▬▬▬▬ ▬▬ ▬▬▬▬ ▬▬▬ ▬▬▬▬▬▬
▬▬▬▬ ▬▬▬ ▬▬▬▬▬ ▬▬ ▬▬▬▬ ▬▬▬ ▬▬▬▬▬▬ ▬▬ ▬▬▬ ▬▬▬▬ ▬▬▬ ▬▬▬▬▬ ▬▬ ▬▬▬▬ ▬▬▬ ▬▬▬▬▬▬ ▬▬ ▬▬▬ ▬▬▬▬ ▬▬▬ ▬▬▬▬▬ ▬
▬▬▬▬ ▬▬▬ ▬▬▬▬▬ ▬▬ ▬▬▬▬ ▬▬▬ ▬▬▬▬▬▬ ▬▬ ▬▬▬ ▬▬▬▬ ▬▬▬ ▬▬▬▬▬ ▬▬ ▬
▬▬▬▬ ▬▬▬ ▬▬▬▬▬ ▬▬ ▬▬▬▬ ▬▬▬ ▬▬▬▬▬▬
▬▬▬▬ ▬▬▬ ▬▬▬▬▬ ▬▬ ▬▬▬▬ ▬▬▬ ▬▬▬▬▬▬ ▬▬ ▬
▬▬▬▬ ▬▬▬ ▬▬▬▬▬ ▬▬ ▬▬▬▬ ▬▬▬ ▬▬▬▬▬▬ ▬▬ ▬▬▬ ▬▬▬▬ ▬▬▬ ▬▬▬▬▬ ▬▬ ▬
▬▬▬▬ ▬▬▬ ▬▬▬▬▬ ▬▬ ▬▬▬▬ ▬▬▬ ▬▬▬▬▬▬ ▬▬ ▬▬▬ ▬▬▬▬ ▬▬▬ ▬▬▬▬▬ ▬▬ ▬▬▬▬ ▬▬▬ ▬▬▬▬▬▬ ▬▬ ▬▬▬ ▬▬▬▬ ▬▬▬ ▬▬▬
▬▬▬▬ ▬▬▬ ▬▬▬▬▬ ▬▬ ▬▬▬▬ ▬▬▬ ▬▬▬▬▬▬ ▬▬ ▬
▬▬▬▬ ▬▬▬ ▬▬▬▬▬ ▬▬ ▬▬▬▬ ▬▬▬ ▬▬▬▬▬▬ ▬▬ ▬▬▬ ▬▬▬▬ ▬▬▬ ▬▬▬▬▬ ▬▬ ▬
▬▬▬▬ ▬▬▬ ▬▬▬▬▬ ▬▬ ▬▬▬▬ ▬▬▬ ▬▬▬▬▬▬
▬▬▬▬ ▬▬▬ ▬▬▬▬▬ ▬▬ ▬▬▬▬ ▬▬▬ ▬▬▬▬▬▬ ▬▬ ▬▬▬ ▬▬▬▬ ▬▬▬ ▬▬▬▬▬ ▬▬ ▬▬▬▬ ▬▬▬ ▬▬▬▬▬▬ ▬▬ ▬▬▬ ▬▬▬▬ ▬▬▬ ▬▬▬▬▬ ▬▬ ▬▬▬▬ ▬▬▬ ▬▬▬▬▬▬ ▬▬ ▬▬▬ ▬▬▬▬ ▬▬▬ ▬▬▬▬▬ ▬▬ ▬▬▬▬ ▬▬▬ ▬▬▬▬▬▬ ▬
▬▬▬▬ ▬▬▬ ▬▬▬▬▬ ▬▬ ▬▬▬▬ ▬▬▬ ▬▬▬
▬▬▬▬ ▬▬▬ ▬▬▬▬▬ ▬▬ ▬▬▬▬ ▬▬▬ ▬▬▬▬▬▬ ▬▬ ▬▬▬ ▬▬▬▬ ▬▬▬ ▬▬▬▬▬ ▬▬ ▬▬▬▬
▬▬▬▬ ▬▬▬ ▬▬▬▬▬ ▬▬ ▬▬▬▬ ▬▬▬ ▬▬▬▬▬▬ ▬▬ ▬▬▬ ▬▬▬▬ ▬▬▬ ▬▬▬▬▬ ▬▬ ▬▬▬▬ ▬▬▬ ▬▬▬▬▬▬ ▬▬ ▬▬▬ ▬▬▬▬ ▬▬▬ ▬▬▬▬▬ ▬
▬▬▬▬ ▬▬▬ ▬▬▬▬▬ ▬▬ ▬▬▬▬ ▬▬▬ ▬▬▬
▬▬▬▬ ▬▬▬ ▬▬▬▬▬ ▬▬ ▬▬▬▬ ▬▬▬ ▬▬▬▬▬▬ ▬▬ ▬▬▬ ▬▬▬▬ ▬▬▬ ▬▬▬▬▬ ▬▬ ▬▬▬▬
▬▬▬▬ ▬▬▬ ▬▬▬▬▬ ▬▬ ▬▬▬▬ ▬▬▬ ▬▬▬▬▬▬ ▬▬ ▬
▬▬▬▬ ▬▬▬ ▬▬▬▬▬ ▬▬ ▬▬▬▬ ▬▬▬ ▬▬▬▬▬▬ ▬▬ ▬▬▬ ▬▬▬▬ ▬▬▬ ▬▬▬▬▬ ▬▬ ▬
▬▬▬▬ ▬▬▬ ▬▬▬▬▬ ▬▬ ▬▬▬▬ ▬▬▬ ▬▬▬▬▬▬ ▬▬ ▬▬▬ ▬▬▬▬ ▬▬▬ ▬▬▬▬▬ ▬▬ ▬▬▬▬ ▬▬▬ ▬▬▬▬▬▬ ▬▬ ▬▬▬ ▬▬▬▬ ▬▬▬ ▬▬▬▬▬ ▬▬ ▬▬▬▬ ▬▬▬ ▬▬▬▬▬▬ ▬▬ ▬▬▬ ▬
▬▬▬▬ ▬▬▬ ▬▬▬▬▬ ▬▬ ▬▬▬▬ ▬▬▬ ▬▬▬▬▬▬ ▬▬ ▬
▬▬▬▬ ▬▬▬ ▬▬▬▬▬ ▬▬ ▬▬▬▬ ▬▬▬ ▬▬▬▬▬▬ ▬▬ ▬▬▬ ▬▬▬▬ ▬▬▬ ▬▬▬▬▬ ▬▬ ▬
▬▬▬▬ ▬▬▬ ▬▬▬▬▬ ▬▬ ▬▬▬▬ ▬▬▬ ▬▬▬▬▬▬
▬▬▬▬ ▬▬▬ ▬▬▬▬▬ ▬▬ ▬▬▬▬ ▬▬▬ ▬▬▬▬▬▬ ▬▬ ▬▬▬ ▬▬▬▬ ▬▬▬ ▬▬▬▬▬ ▬▬ ▬▬▬▬ ▬▬▬ ▬▬▬▬▬▬ ▬▬ ▬▬▬ ▬▬▬▬ ▬▬▬ ▬▬▬▬▬ ▬
▬▬▬▬ ▬▬▬ ▬▬▬▬▬ ▬▬ ▬▬▬▬ ▬▬▬ ▬▬▬▬▬▬ ▬▬ ▬▬▬ ▬▬▬▬ ▬▬▬ ▬▬▬▬▬ ▬▬ ▬
▬▬▬▬ ▬▬▬ ▬▬▬▬▬ ▬▬ ▬▬▬▬ ▬▬▬ ▬▬▬▬▬▬
▬▬▬▬ ▬▬▬ ▬▬▬▬▬ ▬▬ ▬▬▬▬ ▬▬▬ ▬▬▬▬▬▬ ▬▬ ▬▬▬ ▬▬▬▬ ▬▬▬ ▬▬▬▬▬ ▬▬ ▬▬▬▬ ▬▬▬
▬▬▬▬ ▬▬▬ ▬▬▬▬▬ ▬▬ ▬▬▬▬ ▬▬▬ ▬▬▬
▬▬▬▬ ▬▬▬ ▬▬▬▬▬ ▬▬ ▬▬▬▬ ▬▬▬ ▬▬▬▬▬▬ ▬▬ ▬▬▬ ▬▬▬▬ ▬▬▬ ▬▬▬▬▬ ▬▬ ▬▬▬▬ ▬▬▬ ▬▬▬▬▬▬ ▬▬ ▬▬▬ ▬▬▬▬ ▬▬▬ ▬▬▬
▬▬▬▬ ▬▬▬ ▬▬▬▬▬ ▬▬ ▬▬▬▬ ▬▬▬ ▬▬▬▬▬▬ ▬▬ ▬
▬▬▬▬ ▬▬▬ ▬▬▬▬▬ ▬▬ ▬▬▬▬ ▬▬▬ ▬▬▬▬▬▬ ▬▬ ▬▬▬ ▬▬▬▬ ▬▬▬ ▬▬▬▬▬ ▬▬ ▬
▬▬▬▬ ▬▬▬ ▬▬▬▬▬ ▬▬ ▬▬▬▬ ▬▬▬ ▬▬▬▬▬▬ ▬▬ ▬▬▬ ▬▬▬▬ ▬▬▬ ▬▬▬▬▬ ▬▬ ▬▬▬▬ ▬▬▬ ▬▬▬▬▬▬ ▬▬ ▬▬▬ ▬▬▬▬ ▬▬▬ ▬▬▬▬▬ ▬▬ ▬▬▬▬ ▬▬▬ ▬▬▬▬▬▬ ▬▬ ▬▬▬ ▬
▬▬▬▬ ▬▬▬ ▬▬▬▬▬ ▬▬ ▬▬▬▬ ▬▬▬ ▬▬▬▬▬▬ ▬▬ ▬
▬▬▬▬ ▬▬▬ ▬▬▬▬▬ ▬▬ ▬▬▬▬ ▬▬▬ ▬▬▬▬▬▬ ▬▬ ▬▬▬ ▬▬▬▬ ▬▬▬ ▬▬▬▬▬ ▬▬ ▬
▬▬▬▬ ▬▬▬ ▬▬▬▬▬ ▬▬ ▬▬▬▬ ▬▬▬ ▬▬▬▬▬▬
▬▬▬▬ ▬▬▬ ▬▬▬▬▬ ▬▬ ▬▬▬▬ ▬▬▬ ▬▬▬▬▬▬ ▬▬ ▬▬▬ ▬▬▬▬ ▬▬▬ ▬▬▬▬▬ ▬▬ ▬▬▬▬ ▬▬▬ ▬▬▬▬▬▬ ▬▬ ▬▬▬ ▬▬▬▬ ▬▬▬ ▬▬▬▬▬ ▬
▬▬▬▬ ▬▬▬ ▬▬▬▬▬ ▬▬ ▬▬▬▬ ▬▬▬ ▬▬▬▬▬▬ ▬▬ ▬▬▬ ▬▬▬▬ ▬▬▬ ▬▬▬▬▬ ▬▬ ▬
▬▬▬▬ ▬▬▬ ▬▬▬▬▬ ▬▬ ▬▬▬▬ ▬▬▬ ▬▬▬▬▬▬
▬▬▬▬ ▬▬▬ ▬▬▬▬▬ ▬▬ ▬▬▬▬ ▬▬▬ ▬▬▬▬▬▬ ▬▬ ▬▬▬ ▬▬▬▬ ▬▬▬ ▬▬▬▬▬ ▬▬ ▬▬▬▬ ▬▬▬
▬▬▬▬ ▬▬▬ ▬▬▬▬▬ ▬▬ ▬▬▬▬ ▬▬▬ ▬▬▬
▬▬▬▬ ▬▬▬ ▬▬▬▬▬ ▬▬ ▬▬▬▬ ▬▬▬ ▬▬▬▬▬▬ ▬▬ ▬▬▬ ▬▬▬▬ ▬▬▬ ▬▬▬▬▬ ▬▬ ▬▬▬▬
▬▬▬▬ ▬▬▬ ▬▬▬▬▬ ▬▬ ▬▬▬▬ ▬▬▬ ▬▬▬▬▬▬ ▬▬ ▬▬▬ ▬▬▬▬ ▬▬▬ ▬▬▬▬▬ ▬▬ ▬▬▬▬ ▬▬▬ ▬▬▬▬▬▬ ▬▬ ▬▬▬ ▬▬▬▬ ▬▬▬ ▬▬▬▬▬ ▬
▬▬▬▬ ▬▬▬ ▬▬▬▬▬ ▬▬ ▬▬▬▬ ▬▬▬ ▬▬▬
▬▬▬▬ ▬▬▬ ▬▬▬▬▬ ▬▬ ▬▬▬▬ ▬▬▬ ▬▬▬▬▬▬ ▬▬ ▬▬▬ ▬▬▬▬ ▬▬▬ ▬▬▬▬▬ ▬▬ ▬▬▬▬
▬▬▬▬ ▬▬▬ ▬▬▬▬▬ ▬▬ ▬▬▬▬ ▬▬▬ ▬▬▬▬▬▬ ▬▬ ▬
▬▬▬▬ ▬▬▬ ▬▬▬▬▬ ▬▬ ▬▬▬▬ ▬▬▬ ▬▬▬▬▬▬ ▬▬ ▬▬▬ ▬▬▬▬ ▬▬▬ ▬▬▬▬▬ ▬▬ ▬▬▬▬ ▬▬▬ ▬▬▬▬▬▬ ▬▬ ▬▬▬ ▬▬▬▬ ▬▬▬ ▬▬▬▬▬ ▬▬ ▬▬▬▬ ▬▬▬ ▬▬▬▬▬▬ ▬▬ ▬
▬▬▬▬ ▬▬▬ ▬▬▬▬▬ ▬▬ ▬▬▬▬ ▬▬▬ ▬▬▬▬▬▬ ▬▬ ▬▬▬ ▬▬▬▬ ▬▬▬ ▬▬▬▬▬ ▬▬ ▬▬▬▬
▬▬▬▬ ▬▬▬ ▬▬▬▬▬ ▬▬ ▬▬▬▬ ▬▬▬ ▬▬▬▬▬▬ ▬▬ ▬
▬▬▬▬ ▬▬▬ ▬▬▬▬▬ ▬▬ ▬▬▬▬ ▬▬▬ ▬▬▬▬▬▬ ▬▬ ▬▬▬ ▬▬▬▬ ▬▬▬ ▬▬▬▬▬ ▬▬ ▬
▬▬▬▬ ▬▬▬ ▬▬▬▬▬ ▬▬ ▬▬▬▬ ▬▬▬ ▬▬▬▬▬▬
▬▬▬▬ ▬▬▬ ▬▬▬▬▬ ▬▬ ▬▬▬▬ ▬▬▬ ▬▬▬▬▬▬ ▬▬ ▬▬▬ ▬▬▬▬ ▬▬▬ ▬▬▬▬▬ ▬▬ ▬▬▬▬ ▬▬▬ ▬▬▬▬▬▬ ▬▬ ▬▬▬ ▬▬▬▬ ▬▬▬ ▬▬▬▬▬ ▬
▬▬▬▬ ▬▬▬ ▬▬▬▬▬ ▬▬ ▬▬▬▬ ▬▬▬ ▬▬▬▬▬▬ ▬▬ ▬▬▬ ▬▬▬▬ ▬▬▬ ▬▬▬▬▬ ▬▬ ▬
▬▬▬▬ ▬▬▬ ▬▬▬▬▬ ▬▬ ▬▬▬▬ ▬▬▬ ▬▬▬▬▬▬
▬▬▬▬ ▬▬▬ ▬▬▬▬▬ ▬▬ ▬▬▬▬ ▬▬▬ ▬▬▬▬▬▬ ▬▬ ▬▬▬ ▬▬▬▬ ▬▬▬ ▬▬▬▬▬ ▬▬ ▬▬▬▬ ▬▬▬
▬▬▬▬ ▬▬▬ ▬▬▬▬▬ ▬▬ ▬▬▬▬ ▬▬▬ ▬▬▬▬▬▬ ▬▬ ▬▬▬ ▬▬▬▬ ▬▬▬ ▬▬▬▬▬ ▬▬ ▬▬▬▬ ▬▬▬ ▬▬▬▬▬▬ ▬▬ ▬▬▬ ▬▬▬▬ ▬▬▬
▬▬▬▬ ▬▬▬ ▬▬▬▬▬ ▬▬ ▬▬▬▬ ▬▬▬ ▬▬▬▬▬▬
▬▬▬▬ ▬▬▬ ▬▬▬▬▬ ▬▬ ▬▬▬▬ ▬▬▬ ▬▬▬▬▬▬ ▬▬ ▬▬▬ ▬▬▬▬ ▬▬▬ ▬▬▬▬▬ ▬▬ ▬▬▬▬ ▬▬▬
▬▬▬▬ ▬▬▬ ▬▬▬▬▬ ▬▬ ▬▬▬▬ ▬▬▬ ▬▬▬▬▬▬ ▬▬ ▬▬▬ ▬▬▬▬ ▬▬▬ ▬▬▬▬▬ ▬▬ ▬▬▬▬
▬▬▬▬ ▬▬▬ ▬▬▬▬▬ ▬▬ ▬▬▬▬ ▬▬▬ ▬▬▬▬▬▬ ▬▬ ▬
▬▬▬▬ ▬▬▬ ▬▬▬▬▬ ▬▬ ▬▬▬▬ ▬▬▬ ▬▬▬▬▬▬ ▬▬ ▬▬▬ ▬▬▬▬ ▬▬▬ ▬▬▬▬▬ ▬▬ ▬▬▬▬ ▬▬▬ ▬▬▬▬▬▬ ▬▬ ▬▬▬ ▬▬▬▬ ▬▬▬
▬▬▬▬ ▬▬▬ ▬▬▬▬▬ ▬▬ ▬▬▬▬ ▬▬▬ ▬▬▬▬▬▬
▬▬▬▬ ▬▬▬ ▬▬▬▬▬ ▬▬ ▬▬▬▬ ▬▬▬ ▬▬▬▬▬▬ ▬▬ ▬▬▬ ▬▬▬▬ ▬▬▬ ▬▬▬▬▬ ▬▬ ▬▬▬▬ ▬▬▬
▬▬▬▬ ▬▬▬ ▬▬▬▬▬ ▬▬ ▬▬▬▬ ▬▬▬ ▬▬▬▬▬▬ ▬▬ ▬▬▬ ▬▬▬▬ ▬▬▬ ▬▬▬▬▬ ▬▬ ▬
▬▬▬▬ ▬▬▬ ▬▬▬▬▬ ▬▬ ▬▬▬▬ ▬▬▬ ▬▬▬▬▬▬
▬▬▬▬ ▬▬▬ ▬▬▬▬▬ ▬▬ ▬▬▬▬ ▬▬▬ ▬▬▬▬▬▬ ▬▬ ▬▬▬ ▬▬▬▬ ▬▬▬ ▬▬▬▬▬ ▬▬ ▬▬▬▬ ▬▬▬ ▬▬▬▬▬▬ ▬▬ ▬▬▬ ▬▬▬▬ ▬▬▬ ▬▬▬▬▬ ▬▬ ▬▬▬▬ ▬▬▬ ▬▬▬▬▬▬ ▬▬ ▬▬▬ ▬▬▬▬
▬▬▬▬ ▬▬▬ ▬▬▬▬▬ ▬▬ ▬▬▬▬ ▬▬▬ ▬▬▬
▬▬▬▬ ▬▬▬ ▬▬▬▬▬ ▬▬ ▬▬▬▬ ▬▬▬ ▬▬▬▬▬▬ ▬▬ ▬▬▬ ▬▬▬▬ ▬▬▬ ▬▬▬▬▬ ▬▬ ▬▬▬▬
▬▬▬▬ ▬▬▬ ▬▬▬▬▬ ▬▬ ▬▬▬▬ ▬▬▬ ▬▬▬▬▬▬ ▬▬ ▬
▬▬▬▬ ▬▬▬ ▬▬▬▬▬ ▬▬ ▬▬▬▬ ▬▬▬ ▬▬▬▬▬▬ ▬▬ ▬▬▬ ▬▬▬▬ ▬▬▬ ▬▬▬▬▬ ▬▬ ▬▬▬▬ ▬▬▬ ▬▬▬▬▬▬ ▬▬ ▬▬▬ ▬▬▬▬ ▬▬▬
▬▬▬▬ ▬▬▬ ▬▬▬▬▬ ▬▬ ▬▬▬▬ ▬▬▬ ▬▬▬▬▬▬ ▬▬ ▬▬▬ ▬▬▬▬ ▬▬▬ ▬▬▬▬▬ ▬▬ ▬▬▬▬
▬▬▬▬ ▬▬▬ ▬▬▬▬▬ ▬▬ ▬▬▬▬ ▬▬▬ ▬▬▬▬▬▬ ▬▬ ▬
▬▬▬▬ ▬▬▬ ▬▬▬▬▬ ▬▬ ▬▬▬▬ ▬▬▬ ▬▬▬
▬▬▬▬ ▬▬▬ ▬▬▬▬▬ ▬▬ ▬▬▬▬ ▬▬▬ ▬▬▬▬▬▬ ▬▬ ▬▬▬ ▬▬▬▬ ▬▬▬ ▬▬▬▬▬ ▬▬ ▬▬▬▬
▬▬▬▬ ▬▬▬ ▬▬▬▬▬ ▬▬ ▬▬▬▬ ▬▬▬ ▬▬▬▬▬▬ ▬▬ ▬▬▬ ▬▬▬▬ ▬▬▬ ▬▬▬▬▬ ▬▬ ▬▬▬▬ ▬▬▬ ▬▬▬▬▬▬ ▬▬ ▬▬▬ ▬▬▬▬ ▬▬▬ ▬▬▬▬▬ ▬
▬▬▬▬ ▬▬▬ ▬▬▬▬▬ ▬▬ ▬▬▬▬ ▬▬▬ ▬▬▬
▬▬▬▬ ▬▬▬ ▬▬▬▬▬ ▬▬ ▬▬▬▬ ▬▬▬ ▬▬▬▬▬▬ ▬▬ ▬▬▬ ▬▬▬▬ ▬▬▬ ▬▬▬▬▬ ▬▬ ▬▬▬▬
▬▬▬▬ ▬▬▬ ▬▬▬▬▬ ▬▬ ▬▬▬▬ ▬▬▬ ▬▬▬▬▬▬ ▬▬ ▬
▬▬▬▬ ▬▬▬ ▬▬▬▬▬ ▬▬ ▬▬▬▬ ▬▬▬ ▬▬▬▬▬▬ ▬▬ ▬▬▬ ▬▬▬▬ ▬▬▬ ▬▬▬▬▬ ▬▬ ▬▬▬▬ ▬▬▬ ▬▬▬▬▬▬ ▬▬ ▬▬▬ ▬▬▬▬ ▬▬▬ ▬▬▬▬▬ ▬▬ ▬▬▬▬ ▬▬▬ ▬▬▬▬▬▬ ▬▬ ▬▬▬ ▬▬▬▬ ▬▬▬ ▬▬▬▬▬ ▬▬ ▬▬▬▬ ▬▬▬
▬▬▬▬ ▬▬▬ ▬▬▬▬▬ ▬▬ ▬▬▬▬ ▬▬▬ ▬▬▬▬▬▬
▬▬▬▬ ▬▬▬ ▬▬▬▬▬ ▬▬ ▬▬▬▬ ▬▬▬ ▬▬▬▬▬▬ ▬▬ ▬▬▬ ▬▬▬▬ ▬▬▬ ▬▬▬▬▬ ▬▬ ▬▬▬▬ ▬▬▬
▬▬▬▬ ▬▬▬ ▬▬▬▬▬ ▬▬ ▬▬▬▬ ▬▬▬ ▬▬▬▬▬▬ ▬▬ ▬▬▬ ▬▬▬▬ ▬▬▬ ▬▬▬▬▬ ▬▬ ▬▬▬▬ ▬▬▬ ▬▬▬▬▬▬ ▬▬ ▬▬▬ ▬▬▬▬ ▬▬▬
▬▬▬▬ ▬▬▬ ▬▬▬▬▬ ▬▬ ▬▬▬▬ ▬▬▬ ▬▬▬▬▬▬
▬▬▬▬ ▬▬▬ ▬▬▬▬▬ ▬▬ ▬▬▬▬ ▬▬▬ ▬▬▬▬▬▬ ▬▬ ▬▬▬ ▬▬▬▬ ▬▬▬ ▬▬▬▬▬ ▬▬ ▬▬▬▬ ▬▬▬
▬▬▬▬ ▬▬▬ ▬▬▬▬▬ ▬▬ ▬▬▬▬ ▬▬▬ ▬▬▬
▬▬▬▬ ▬▬▬ ▬▬▬▬▬ ▬▬ ▬▬▬▬ ▬▬▬ ▬▬▬▬▬▬ ▬▬ ▬▬▬ ▬▬▬▬ ▬▬▬ ▬▬▬▬▬ ▬▬ ▬▬▬▬
▬▬▬▬ ▬▬▬ ▬▬▬▬▬ ▬▬ ▬▬▬▬ ▬▬▬ ▬▬▬▬▬▬ ▬▬ ▬▬▬ ▬▬▬▬ ▬▬▬ ▬▬▬▬▬ ▬▬ ▬▬▬▬ ▬▬▬ ▬▬▬▬▬▬ ▬▬ ▬▬▬ ▬▬▬▬ ▬▬▬ ▬▬▬▬▬ ▬▬ ▬▬▬▬ ▬▬▬ ▬▬▬▬▬▬ ▬▬ ▬▬▬ ▬▬▬▬
▬▬▬▬ ▬▬▬ ▬▬▬▬▬ ▬▬ ▬▬▬▬ ▬▬▬ ▬▬▬
▬▬▬▬ ▬▬▬ ▬▬▬▬▬ ▬▬ ▬▬▬▬ ▬▬▬ ▬▬▬▬▬▬ ▬▬ ▬▬▬ ▬▬▬▬ ▬▬▬ ▬▬▬▬▬ ▬▬ ▬▬▬▬
▬▬▬▬ ▬▬▬ ▬▬▬▬▬ ▬▬ ▬▬▬▬ ▬▬▬ ▬▬▬▬▬▬ ▬▬ ▬
▬▬▬▬ ▬▬▬ ▬▬▬▬▬ ▬▬ ▬▬▬▬ ▬▬▬ ▬▬▬▬▬▬ ▬▬ ▬▬▬ ▬▬▬▬ ▬▬▬ ▬▬▬▬▬ ▬▬ ▬▬▬▬ ▬▬▬ ▬▬▬▬▬▬ ▬▬ ▬▬▬ ▬▬▬▬ ▬▬▬
▬▬▬▬ ▬▬▬ ▬▬▬▬▬ ▬▬ ▬▬▬▬ ▬▬▬ ▬▬▬▬▬▬ ▬▬ ▬▬▬ ▬▬▬▬ ▬▬▬ ▬▬▬▬▬ ▬▬ ▬▬▬▬
▬▬▬▬ ▬▬▬ ▬▬▬▬▬ ▬▬ ▬▬▬▬ ▬▬▬ ▬▬▬▬▬▬ ▬▬ ▬
▬▬▬▬ ▬▬▬ ▬▬▬▬▬ ▬▬ ▬▬▬▬ ▬▬▬ ▬▬▬▬▬▬ ▬▬ ▬▬▬ ▬▬▬▬ ▬▬▬ ▬▬▬▬▬ ▬▬ ▬
▬▬▬▬ ▬▬▬ ▬▬▬▬▬ ▬▬ ▬▬▬▬ ▬▬▬ ▬▬▬▬▬▬
▬▬▬▬ ▬▬▬ ▬▬▬▬▬ ▬▬ ▬▬▬▬ ▬▬▬ ▬▬▬▬▬▬ ▬▬ ▬▬▬ ▬▬▬▬ ▬▬▬ ▬▬▬▬▬ ▬▬ ▬▬▬▬ ▬▬▬ ▬▬▬▬▬▬ ▬▬ ▬▬▬ ▬▬▬▬ ▬▬▬ ▬▬▬▬▬ ▬
▬▬▬▬ ▬▬▬ ▬▬▬▬▬ ▬▬ ▬▬▬▬ ▬▬▬ ▬▬▬
▬▬▬▬ ▬▬▬ ▬▬▬▬▬ ▬▬ ▬▬▬▬ ▬▬▬ ▬▬▬▬▬▬ ▬▬ ▬▬▬ ▬▬▬▬ ▬▬▬ ▬▬▬▬▬ ▬▬ ▬▬▬▬
▬▬▬▬ ▬▬▬ ▬▬▬▬▬ ▬▬ ▬▬▬▬ ▬▬▬ ▬▬▬▬▬▬ ▬▬ ▬▬▬ ▬▬▬▬ ▬▬▬ ▬▬▬▬▬ ▬▬ ▬▬▬▬ ▬▬▬ ▬▬▬▬▬▬ ▬▬ ▬▬▬ ▬▬▬▬ ▬▬▬ ▬▬▬▬▬ ▬▬ ▬▬▬▬ ▬▬▬ ▬▬▬▬▬▬ ▬▬ ▬▬▬ ▬▬▬▬
▬▬▬▬ ▬▬▬ ▬▬▬▬▬ ▬▬ ▬▬▬▬ ▬▬▬ ▬▬▬
▬▬▬▬ ▬▬▬ ▬▬▬▬▬ ▬▬ ▬▬▬▬ ▬▬▬ ▬▬▬▬▬▬ ▬▬ ▬▬▬ ▬▬▬▬ ▬▬▬ ▬▬▬▬▬ ▬▬ ▬▬▬▬
▬▬▬▬ ▬▬▬ ▬▬▬▬▬ ▬▬ ▬▬▬▬ ▬▬▬ ▬▬▬▬▬▬ ▬▬ ▬
▬▬▬▬ ▬▬▬ ▬▬▬▬▬ ▬▬ ▬▬▬▬ ▬▬▬ ▬▬▬▬▬▬ ▬▬ ▬▬▬ ▬▬▬▬ ▬▬▬ ▬▬▬▬▬ ▬▬ ▬▬▬▬ ▬▬▬ ▬▬▬▬▬▬ ▬▬ ▬▬▬ ▬▬▬▬ ▬▬▬
▬▬▬▬ ▬▬▬ ▬▬▬▬▬ ▬▬ ▬▬▬▬ ▬▬▬ ▬▬▬▬▬▬ ▬▬ ▬▬▬ ▬▬▬▬ ▬▬▬ ▬▬▬▬▬ ▬▬ ▬▬▬▬
▬▬▬▬ ▬▬▬ ▬▬▬▬▬ ▬▬ ▬▬▬▬ ▬▬▬ ▬▬▬▬▬▬ ▬▬ ▬
▬▬▬▬ ▬▬▬ ▬▬▬▬▬ ▬▬ ▬▬▬▬ ▬▬▬ ▬▬▬▬▬▬ ▬▬ ▬▬▬ ▬▬▬▬ ▬▬▬ ▬▬▬▬▬ ▬▬ ▬
▬▬▬▬ ▬▬▬ ▬▬▬▬▬ ▬▬ ▬▬▬▬ ▬▬▬ ▬▬▬▬▬▬
▬▬▬▬ ▬▬▬ ▬▬▬▬▬ ▬▬ ▬▬▬▬ ▬▬▬ ▬▬▬▬▬▬ ▬▬ ▬▬▬ ▬▬▬▬ ▬▬▬ ▬▬▬▬▬ ▬▬ ▬▬▬▬ ▬▬▬
▬▬▬▬ ▬▬▬ ▬▬▬▬▬ ▬▬ ▬▬▬▬ ▬▬▬ ▬▬▬▬▬▬ ▬▬ ▬▬▬ ▬▬▬▬ ▬▬▬ ▬▬▬▬▬ ▬▬ ▬▬▬▬ ▬▬▬ ▬▬▬▬▬▬ ▬▬ ▬▬▬ ▬▬▬▬ ▬▬▬
▬▬▬▬ ▬▬▬ ▬▬▬▬▬ ▬▬ ▬▬▬▬ ▬▬▬ ▬▬▬▬▬▬
▬▬▬▬ ▬▬▬ ▬▬▬▬▬ ▬▬ ▬▬▬▬ ▬▬▬ ▬▬▬▬▬▬ ▬▬ ▬▬▬ ▬▬▬▬ ▬▬▬ ▬▬▬▬▬ ▬▬ ▬▬▬▬ ▬▬▬
▬▬▬▬ ▬▬▬ ▬▬▬▬▬ ▬▬ ▬▬▬▬ ▬▬▬ ▬▬▬
▬▬▬▬ ▬▬▬ ▬▬▬▬▬ ▬▬ ▬▬▬▬ ▬▬▬ ▬▬▬▬▬▬ ▬▬ ▬▬▬ ▬▬▬▬ ▬▬▬ ▬▬▬▬▬ ▬▬ ▬▬▬▬ ▬▬▬ ▬▬▬▬▬▬ ▬▬ ▬▬▬ ▬▬▬▬ ▬▬▬ ▬▬▬▬▬ ▬▬ ▬▬▬▬ ▬▬▬ ▬▬▬▬▬▬ ▬▬ ▬▬▬ ▬
▬▬▬▬ ▬▬▬ ▬▬▬▬▬ ▬▬ ▬▬▬▬ ▬▬▬ ▬▬▬▬▬▬ ▬▬ ▬▬▬ ▬▬▬▬ ▬▬▬ ▬▬▬▬▬ ▬▬ ▬▬▬▬ ▬▬▬
▬▬▬▬ ▬▬▬ ▬▬▬▬▬ ▬▬ ▬▬▬▬ ▬▬▬ ▬▬▬
▬▬▬▬ ▬▬▬ ▬▬▬▬▬ ▬▬ ▬▬▬▬ ▬▬▬ ▬▬▬▬▬▬ ▬▬ ▬▬▬ ▬▬▬▬ ▬▬▬ ▬▬▬▬▬ ▬▬ ▬▬▬▬
▬▬▬▬ ▬▬▬ ▬▬▬▬▬ ▬▬ ▬▬▬▬ ▬▬▬ ▬▬▬▬▬▬ ▬▬ ▬
▬▬▬▬ ▬▬▬ ▬▬▬▬▬ ▬▬ ▬▬▬▬ ▬▬▬ ▬▬▬▬▬▬ ▬▬ ▬▬▬ ▬▬▬▬ ▬▬▬ ▬▬▬▬▬ ▬▬ ▬▬▬▬ ▬▬▬ ▬▬▬▬▬▬ ▬▬ ▬▬▬ ▬▬▬▬ ▬▬▬
▬▬▬▬ ▬▬▬ ▬▬▬▬▬ ▬▬ ▬▬▬▬ ▬▬▬ ▬▬▬▬▬▬ ▬▬ ▬▬▬ ▬▬▬▬ ▬▬▬ ▬▬▬▬▬ ▬▬ ▬▬▬▬
▬▬▬▬ ▬▬▬ ▬▬▬▬▬ ▬▬ ▬▬▬▬ ▬▬▬ ▬▬▬▬▬▬ ▬▬ ▬
▬▬▬▬ ▬▬▬ ▬▬▬▬▬ ▬▬ ▬▬▬▬ ▬▬▬ ▬▬▬▬▬▬ ▬▬ ▬▬▬ ▬▬▬▬ ▬▬▬ ▬▬▬▬▬ ▬▬ ▬
▬▬▬▬ ▬▬▬ ▬▬▬▬▬ ▬▬ ▬▬▬▬ ▬▬▬ ▬▬▬▬▬▬ ▬▬ ▬▬▬ ▬▬▬▬ ▬▬▬ ▬▬▬▬▬ ▬▬ ▬▬▬▬ ▬▬▬ ▬▬▬▬▬▬ ▬▬ ▬▬▬ ▬▬▬▬ ▬▬▬ ▬▬▬
▬▬▬▬ ▬▬▬ ▬▬▬▬▬ ▬▬ ▬▬▬▬ ▬▬▬ ▬▬▬▬▬▬ ▬▬ ▬
▬▬▬▬ ▬▬▬ ▬▬▬▬▬ ▬▬ ▬▬▬▬ ▬▬▬ ▬▬▬▬▬▬ ▬▬ ▬▬▬ ▬▬▬▬ ▬▬▬ ▬▬▬▬▬ ▬▬ ▬
